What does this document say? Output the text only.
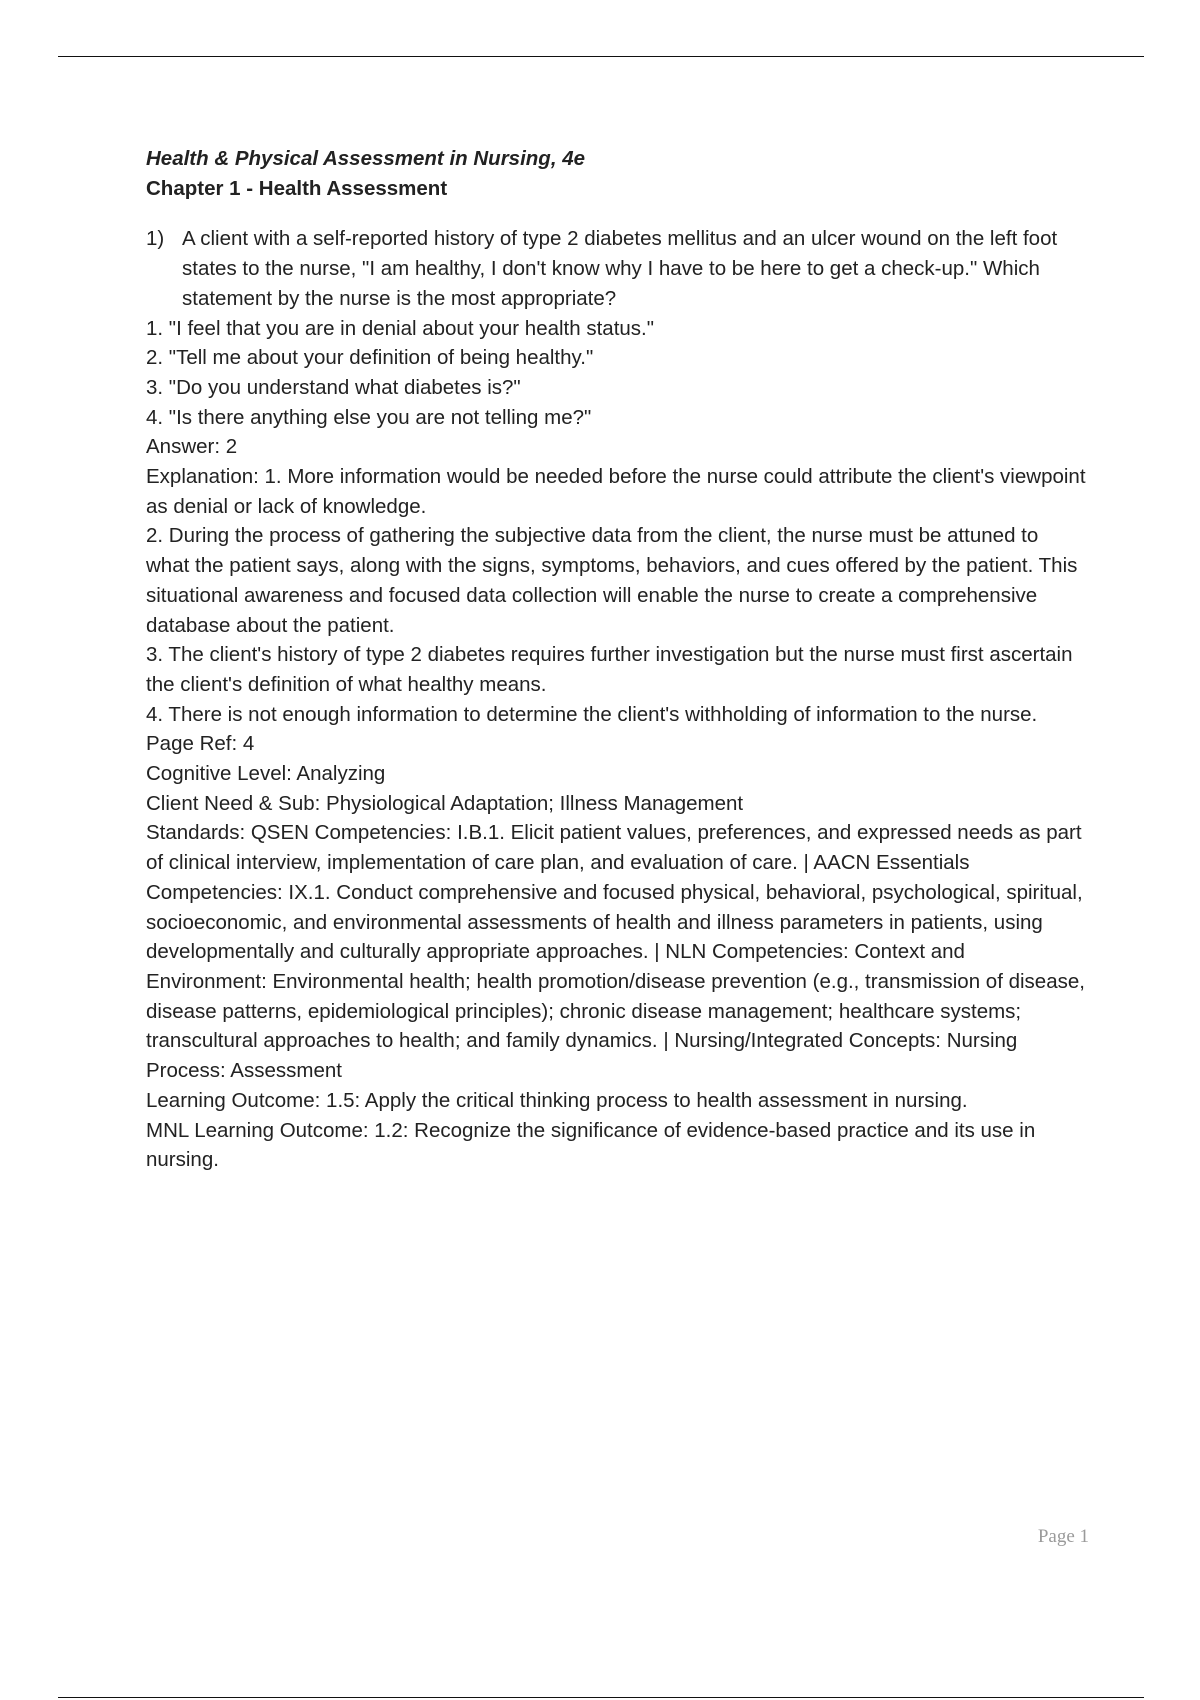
Health & Physical Assessment in Nursing, 4e
Chapter 1 - Health Assessment
1) A client with a self-reported history of type 2 diabetes mellitus and an ulcer wound on the left foot states to the nurse, "I am healthy, I don't know why I have to be here to get a check-up." Which statement by the nurse is the most appropriate?
1. "I feel that you are in denial about your health status."
2. "Tell me about your definition of being healthy."
3. "Do you understand what diabetes is?"
4. "Is there anything else you are not telling me?"
Answer: 2
Explanation: 1. More information would be needed before the nurse could attribute the client's viewpoint as denial or lack of knowledge.
2. During the process of gathering the subjective data from the client, the nurse must be attuned to what the patient says, along with the signs, symptoms, behaviors, and cues offered by the patient. This situational awareness and focused data collection will enable the nurse to create a comprehensive database about the patient.
3. The client's history of type 2 diabetes requires further investigation but the nurse must first ascertain the client's definition of what healthy means.
4. There is not enough information to determine the client's withholding of information to the nurse.
Page Ref: 4
Cognitive Level: Analyzing
Client Need & Sub: Physiological Adaptation; Illness Management
Standards: QSEN Competencies: I.B.1. Elicit patient values, preferences, and expressed needs as part of clinical interview, implementation of care plan, and evaluation of care. | AACN Essentials Competencies: IX.1. Conduct comprehensive and focused physical, behavioral, psychological, spiritual, socioeconomic, and environmental assessments of health and illness parameters in patients, using developmentally and culturally appropriate approaches. | NLN Competencies: Context and Environment: Environmental health; health promotion/disease prevention (e.g., transmission of disease, disease patterns, epidemiological principles); chronic disease management; healthcare systems; transcultural approaches to health; and family dynamics. | Nursing/Integrated Concepts: Nursing Process: Assessment
Learning Outcome: 1.5: Apply the critical thinking process to health assessment in nursing.
MNL Learning Outcome: 1.2: Recognize the significance of evidence-based practice and its use in nursing.
Page 1
